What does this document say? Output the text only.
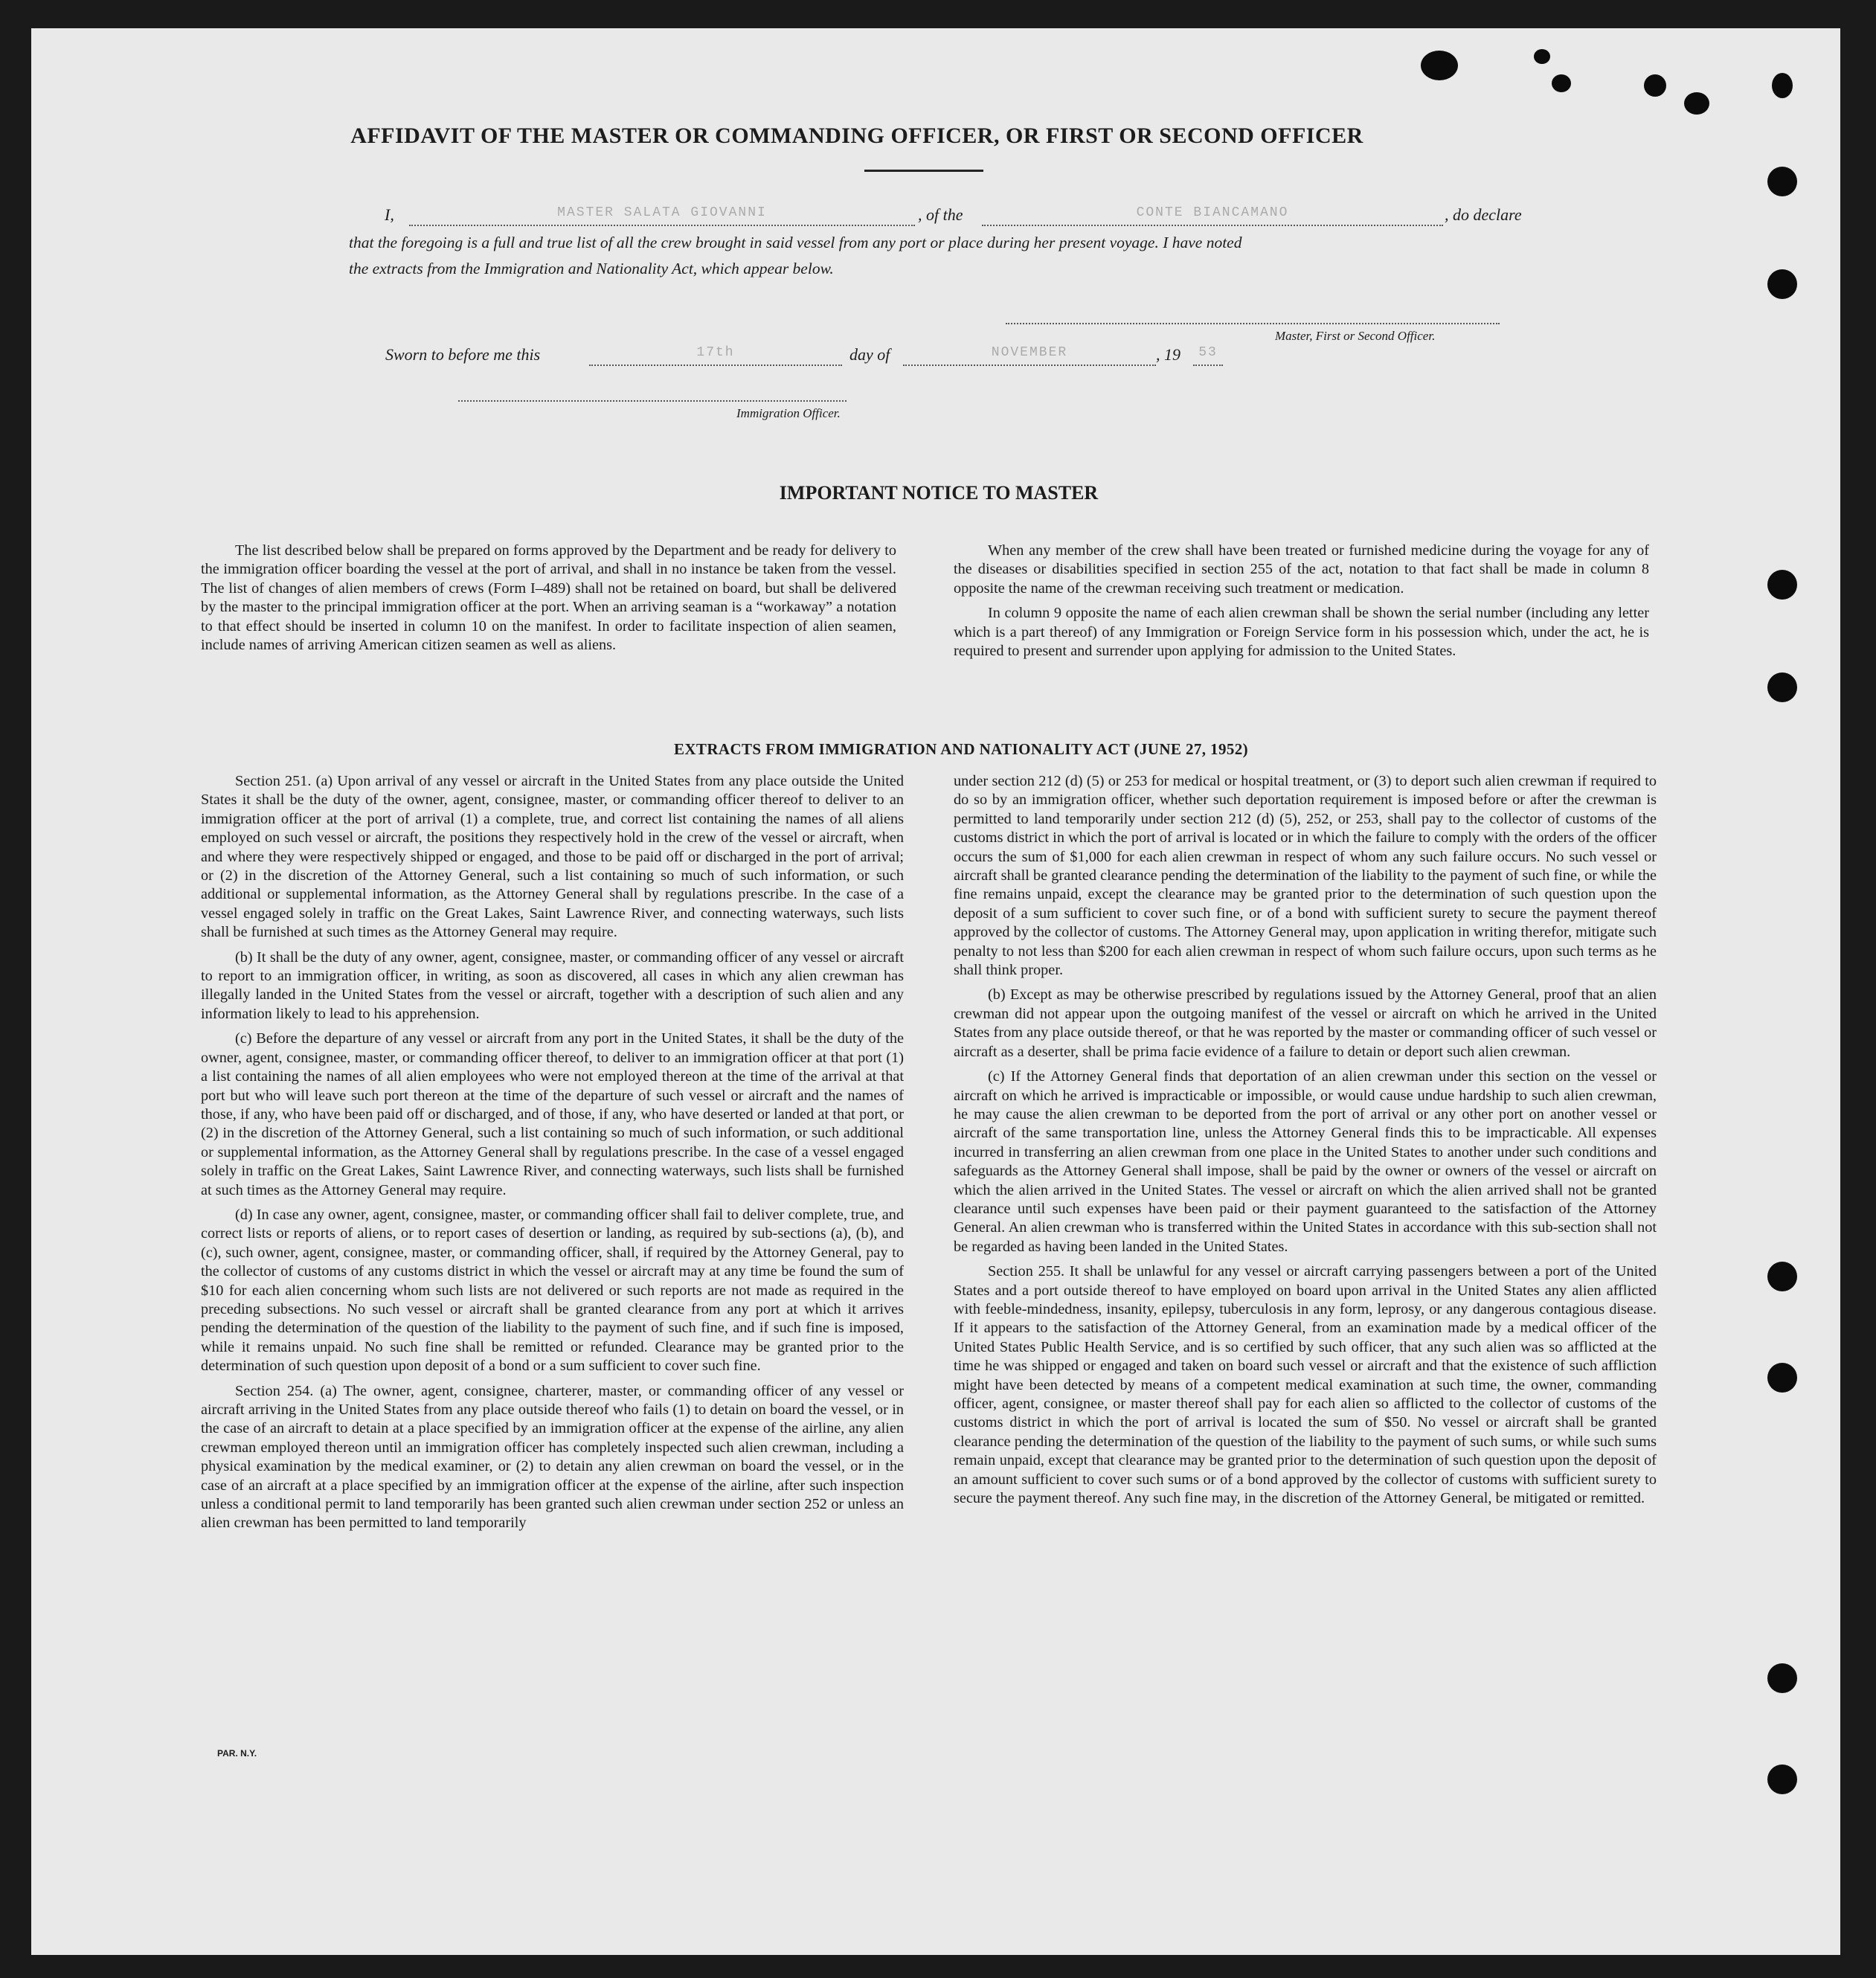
AFFIDAVIT OF THE MASTER OR COMMANDING OFFICER, OR FIRST OR SECOND OFFICER
I,	MASTER SALATA GIOVANNI	, of the	CONTE BIANCAMANO	, do declare
that the foregoing is a full and true list of all the crew brought in said vessel from any port or place during her present voyage. I have noted
the extracts from the Immigration and Nationality Act, which appear below.
Master, First or Second Officer.
Sworn to before me this	17th	day of	NOVEMBER	, 19	53
Immigration Officer.
IMPORTANT NOTICE TO MASTER

The list described below shall be prepared on forms approved by the Department and be ready for delivery to the immigration officer boarding the vessel at the port of arrival, and shall in no instance be taken from the vessel. The list of changes of alien members of crews (Form I–489) shall not be retained on board, but shall be delivered by the master to the principal immigration officer at the port. When an arriving seaman is a “workaway” a notation to that effect should be inserted in column 10 on the manifest. In order to facilitate inspection of alien seamen, include names of arriving American citizen seamen as well as aliens.

When any member of the crew shall have been treated or furnished medicine during the voyage for any of the diseases or disabilities specified in section 255 of the act, notation to that fact shall be made in column 8 opposite the name of the crewman receiving such treatment or medication.

In column 9 opposite the name of each alien crewman shall be shown the serial number (including any letter which is a part thereof) of any Immigration or Foreign Service form in his possession which, under the act, he is required to present and surrender upon applying for admission to the United States.

EXTRACTS FROM IMMIGRATION AND NATIONALITY ACT (JUNE 27, 1952)

Section 251. (a) Upon arrival of any vessel or aircraft in the United States from any place outside the United States it shall be the duty of the owner, agent, consignee, master, or commanding officer thereof to deliver to an immigration officer at the port of arrival (1) a complete, true, and correct list containing the names of all aliens employed on such vessel or aircraft, the positions they respectively hold in the crew of the vessel or aircraft, when and where they were respectively shipped or engaged, and those to be paid off or discharged in the port of arrival; or (2) in the discretion of the Attorney General, such a list containing so much of such information, or such additional or supplemental information, as the Attorney General shall by regulations prescribe. In the case of a vessel engaged solely in traffic on the Great Lakes, Saint Lawrence River, and connecting waterways, such lists shall be furnished at such times as the Attorney General may require.

(b) It shall be the duty of any owner, agent, consignee, master, or commanding officer of any vessel or aircraft to report to an immigration officer, in writing, as soon as discovered, all cases in which any alien crewman has illegally landed in the United States from the vessel or aircraft, together with a description of such alien and any information likely to lead to his apprehension.

(c) Before the departure of any vessel or aircraft from any port in the United States, it shall be the duty of the owner, agent, consignee, master, or commanding officer thereof, to deliver to an immigration officer at that port (1) a list containing the names of all alien employees who were not employed thereon at the time of the arrival at that port but who will leave such port thereon at the time of the departure of such vessel or aircraft and the names of those, if any, who have been paid off or discharged, and of those, if any, who have deserted or landed at that port, or (2) in the discretion of the Attorney General, such a list containing so much of such information, or such additional or supplemental information, as the Attorney General shall by regulations prescribe. In the case of a vessel engaged solely in traffic on the Great Lakes, Saint Lawrence River, and connecting waterways, such lists shall be furnished at such times as the Attorney General may require.

(d) In case any owner, agent, consignee, master, or commanding officer shall fail to deliver complete, true, and correct lists or reports of aliens, or to report cases of desertion or landing, as required by sub-sections (a), (b), and (c), such owner, agent, consignee, master, or commanding officer, shall, if required by the Attorney General, pay to the collector of customs of any customs district in which the vessel or aircraft may at any time be found the sum of $10 for each alien concerning whom such lists are not delivered or such reports are not made as required in the preceding subsections. No such vessel or aircraft shall be granted clearance from any port at which it arrives pending the determination of the question of the liability to the payment of such fine, and if such fine is imposed, while it remains unpaid. No such fine shall be remitted or refunded. Clearance may be granted prior to the determination of such question upon deposit of a bond or a sum sufficient to cover such fine.

Section 254. (a) The owner, agent, consignee, charterer, master, or commanding officer of any vessel or aircraft arriving in the United States from any place outside thereof who fails (1) to detain on board the vessel, or in the case of an aircraft to detain at a place specified by an immigration officer at the expense of the airline, any alien crewman employed thereon until an immigration officer has completely inspected such alien crewman, including a physical examination by the medical examiner, or (2) to detain any alien crewman on board the vessel, or in the case of an aircraft at a place specified by an immigration officer at the expense of the airline, after such inspection unless a conditional permit to land temporarily has been granted such alien crewman under section 252 or unless an alien crewman has been permitted to land temporarily

under section 212 (d) (5) or 253 for medical or hospital treatment, or (3) to deport such alien crewman if required to do so by an immigration officer, whether such deportation requirement is imposed before or after the crewman is permitted to land temporarily under section 212 (d) (5), 252, or 253, shall pay to the collector of customs of the customs district in which the port of arrival is located or in which the failure to comply with the orders of the officer occurs the sum of $1,000 for each alien crewman in respect of whom any such failure occurs. No such vessel or aircraft shall be granted clearance pending the determination of the liability to the payment of such fine, or while the fine remains unpaid, except the clearance may be granted prior to the determination of such question upon the deposit of a sum sufficient to cover such fine, or of a bond with sufficient surety to secure the payment thereof approved by the collector of customs. The Attorney General may, upon application in writing therefor, mitigate such penalty to not less than $200 for each alien crewman in respect of whom such failure occurs, upon such terms as he shall think proper.

(b) Except as may be otherwise prescribed by regulations issued by the Attorney General, proof that an alien crewman did not appear upon the outgoing manifest of the vessel or aircraft on which he arrived in the United States from any place outside thereof, or that he was reported by the master or commanding officer of such vessel or aircraft as a deserter, shall be prima facie evidence of a failure to detain or deport such alien crewman.

(c) If the Attorney General finds that deportation of an alien crewman under this section on the vessel or aircraft on which he arrived is impracticable or impossible, or would cause undue hardship to such alien crewman, he may cause the alien crewman to be deported from the port of arrival or any other port on another vessel or aircraft of the same transportation line, unless the Attorney General finds this to be impracticable. All expenses incurred in transferring an alien crewman from one place in the United States to another under such conditions and safeguards as the Attorney General shall impose, shall be paid by the owner or owners of the vessel or aircraft on which the alien arrived in the United States. The vessel or aircraft on which the alien arrived shall not be granted clearance until such expenses have been paid or their payment guaranteed to the satisfaction of the Attorney General. An alien crewman who is transferred within the United States in accordance with this sub-section shall not be regarded as having been landed in the United States.

Section 255. It shall be unlawful for any vessel or aircraft carrying passengers between a port of the United States and a port outside thereof to have employed on board upon arrival in the United States any alien afflicted with feeble-mindedness, insanity, epilepsy, tuberculosis in any form, leprosy, or any dangerous contagious disease. If it appears to the satisfaction of the Attorney General, from an examination made by a medical officer of the United States Public Health Service, and is so certified by such officer, that any such alien was so afflicted at the time he was shipped or engaged and taken on board such vessel or aircraft and that the existence of such affliction might have been detected by means of a competent medical examination at such time, the owner, commanding officer, agent, consignee, or master thereof shall pay for each alien so afflicted to the collector of customs of the customs district in which the port of arrival is located the sum of $50. No vessel or aircraft shall be granted clearance pending the determination of the question of the liability to the payment of such sums, or while such sums remain unpaid, except that clearance may be granted prior to the determination of such question upon the deposit of an amount sufficient to cover such sums or of a bond approved by the collector of customs with sufficient surety to secure the payment thereof. Any such fine may, in the discretion of the Attorney General, be mitigated or remitted.

PAR. N.Y.
